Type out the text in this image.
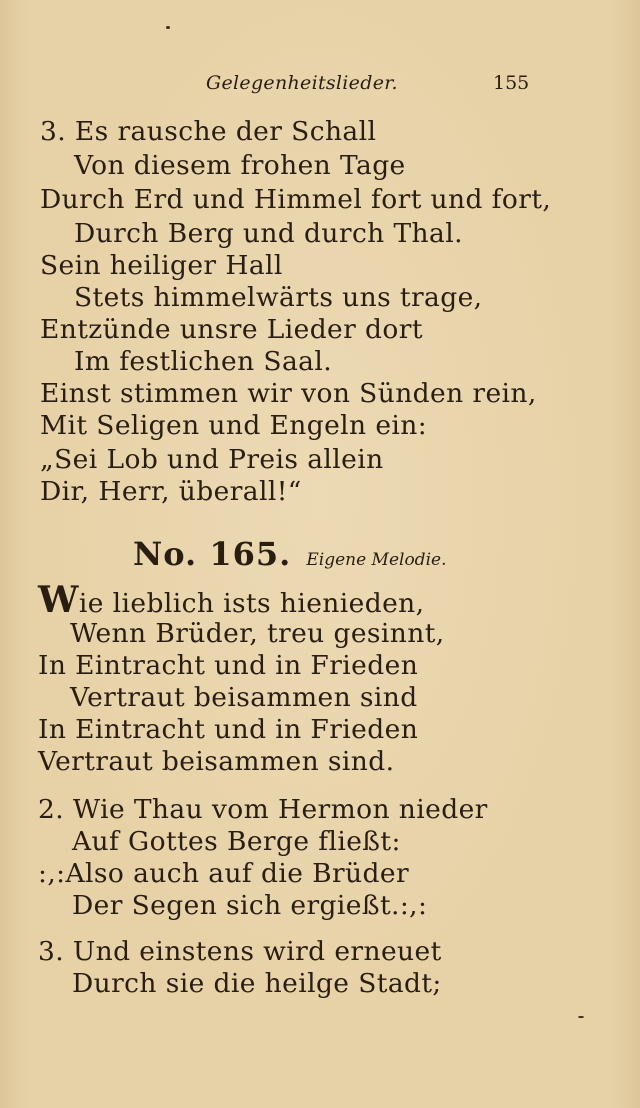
Gelegenheitslieder.	155
3. Es rausche der Schall
Von diesem frohen Tage
Durch Erd und Himmel fort und fort,
Durch Berg und durch Thal.
Sein heiliger Hall
Stets himmelwärts uns trage,
Entzünde unsre Lieder dort
Im festlichen Saal.
Einst stimmen wir von Sünden rein,
Mit Seligen und Engeln ein:
„Sei Lob und Preis allein
Dir, Herr, überall!“
No. 165. Eigene Melodie.
Wie lieblich ists hienieden,
Wenn Brüder, treu gesinnt,
In Eintracht und in Frieden
Vertraut beisammen sind
In Eintracht und in Frieden
Vertraut beisammen sind.
2. Wie Thau vom Hermon nieder
Auf Gottes Berge fließt:
:,:Also auch auf die Brüder
Der Segen sich ergießt.:,:
3. Und einstens wird erneuet
Durch sie die heilge Stadt;
